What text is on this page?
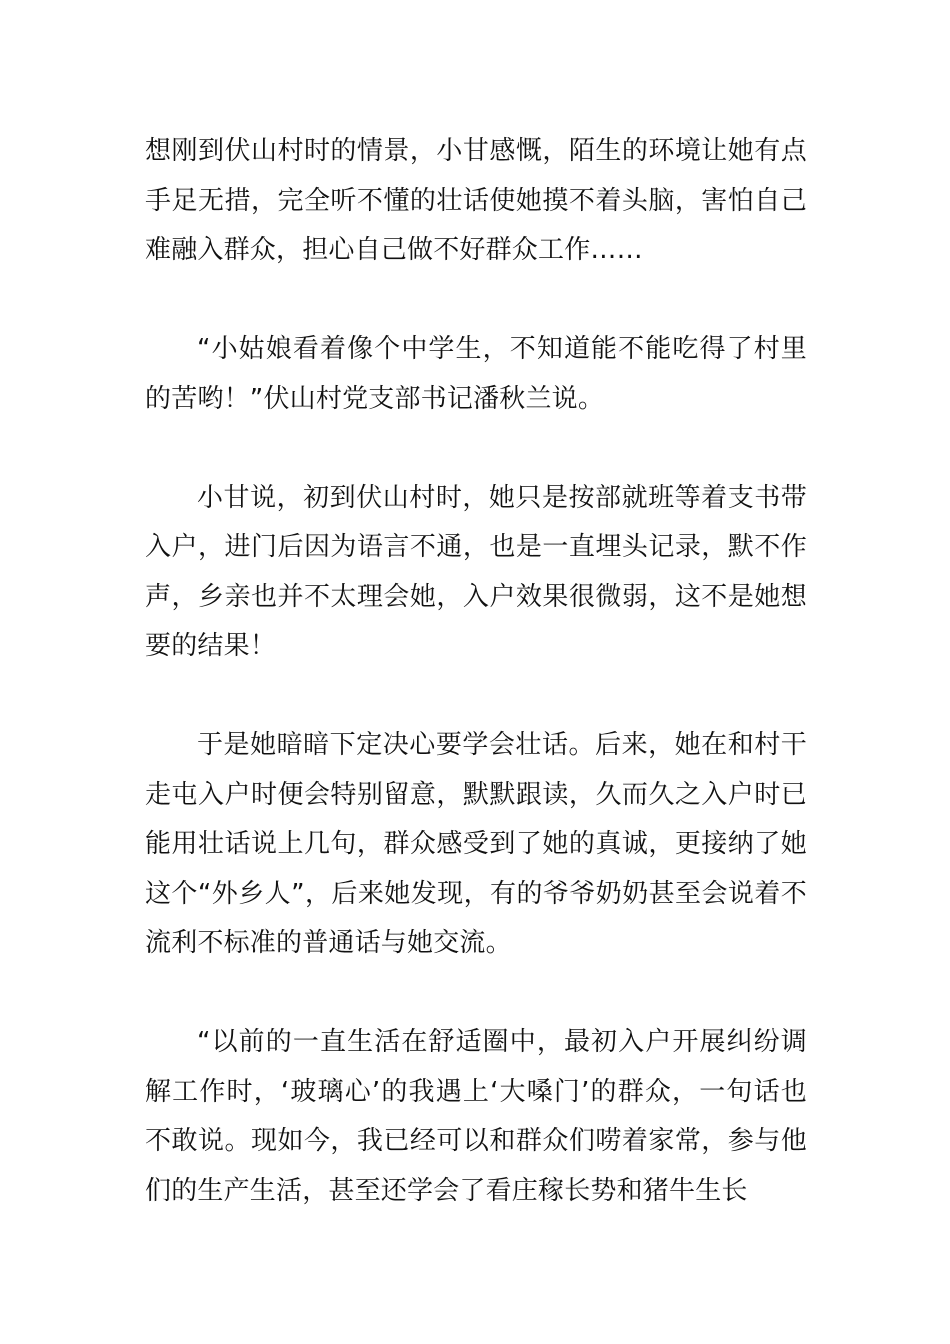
想刚到伏山村时的情景，小甘感慨，陌生的环境让她有点手足无措，完全听不懂的壮话使她摸不着头脑，害怕自己难融入群众，担心自己做不好群众工作……

“小姑娘看着像个中学生，不知道能不能吃得了村里的苦哟！”伏山村党支部书记潘秋兰说。

小甘说，初到伏山村时，她只是按部就班等着支书带入户，进门后因为语言不通，也是一直埋头记录，默不作声，乡亲也并不太理会她，入户效果很微弱，这不是她想要的结果！

于是她暗暗下定决心要学会壮话。后来，她在和村干走屯入户时便会特别留意，默默跟读，久而久之入户时已能用壮话说上几句，群众感受到了她的真诚，更接纳了她这个“外乡人”，后来她发现，有的爷爷奶奶甚至会说着不流利不标准的普通话与她交流。

“以前的一直生活在舒适圈中，最初入户开展纠纷调解工作时，‘玻璃心’的我遇上‘大嗓门’的群众，一句话也不敢说。现如今，我已经可以和群众们唠着家常，参与他们的生产生活，甚至还学会了看庄稼长势和猪牛生长
